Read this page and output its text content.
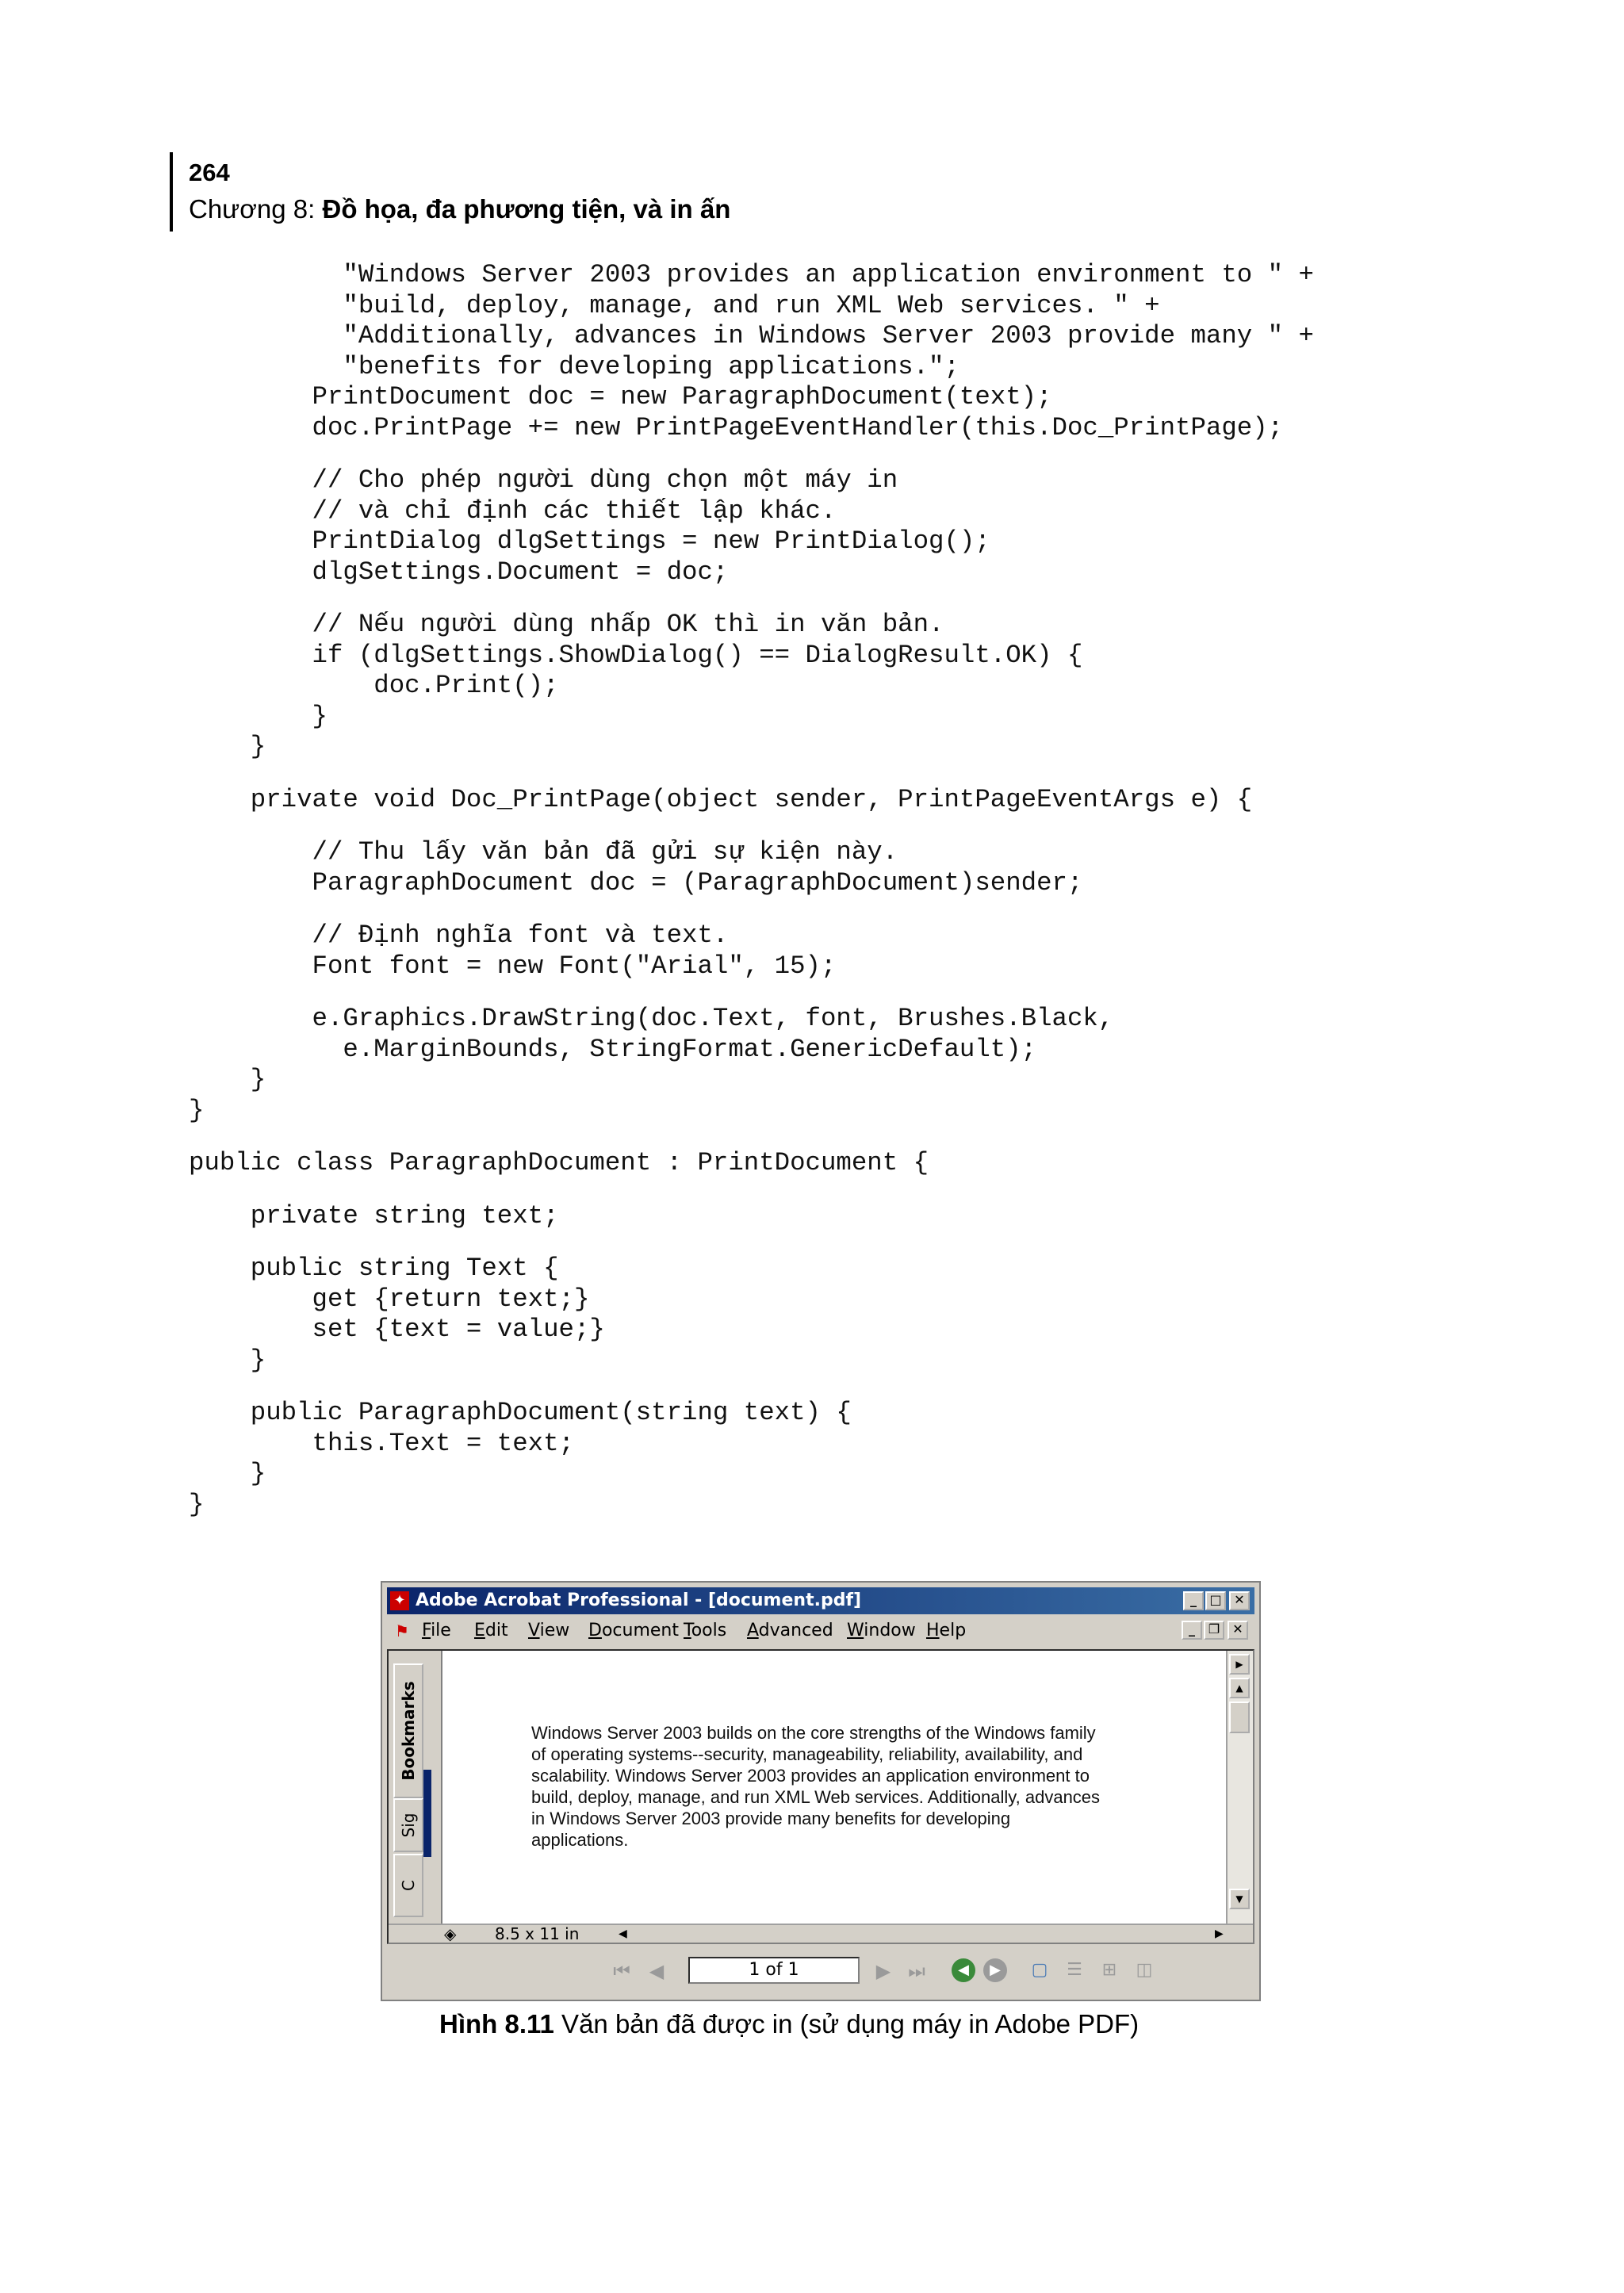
264
Chương 8: Đồ họa, đa phương tiện, và in ấn
"Windows Server 2003 provides an application environment to " +
"build, deploy, manage, and run XML Web services. " +
"Additionally, advances in Windows Server 2003 provide many " +
"benefits for developing applications.";
PrintDocument doc = new ParagraphDocument(text);
doc.PrintPage += new PrintPageEventHandler(this.Doc_PrintPage);
// Cho phép người dùng chọn một máy in
// và chỉ định các thiết lập khác.
PrintDialog dlgSettings = new PrintDialog();
dlgSettings.Document = doc;
// Nếu người dùng nhấp OK thì in văn bản.
if (dlgSettings.ShowDialog() == DialogResult.OK) {
doc.Print();
}
}
private void Doc_PrintPage(object sender, PrintPageEventArgs e) {
// Thu lấy văn bản đã gửi sự kiện này.
ParagraphDocument doc = (ParagraphDocument)sender;
// Định nghĩa font và text.
Font font = new Font("Arial", 15);
e.Graphics.DrawString(doc.Text, font, Brushes.Black,
e.MarginBounds, StringFormat.GenericDefault);
}
}
public class ParagraphDocument : PrintDocument {
private string text;
public string Text {
get {return text;}
set {text = value;}
}
public ParagraphDocument(string text) {
this.Text = text;
}
}
✦ Adobe Acrobat Professional - [document.pdf]	_	□ ✕
⚑ File Edit View Document Tools Advanced Window Help	_	❐	✕
Bookmarks
Sig
C

Windows Server 2003 builds on the core strengths of the Windows family of operating systems--security, manageability, reliability, availability, and scalability. Windows Server 2003 provides an application environment to build, deploy, manage, and run XML Web services. Additionally, advances in Windows Server 2003 provide many benefits for developing applications.

▶
▲
▼
◈ 8.5 x 11 in	◀	▶
⏮ ◀	1 of 1	▶ ⏭	◀	▶	▢ ☰ ⊞ ◫
Hình 8.11 Văn bản đã được in (sử dụng máy in Adobe PDF)
